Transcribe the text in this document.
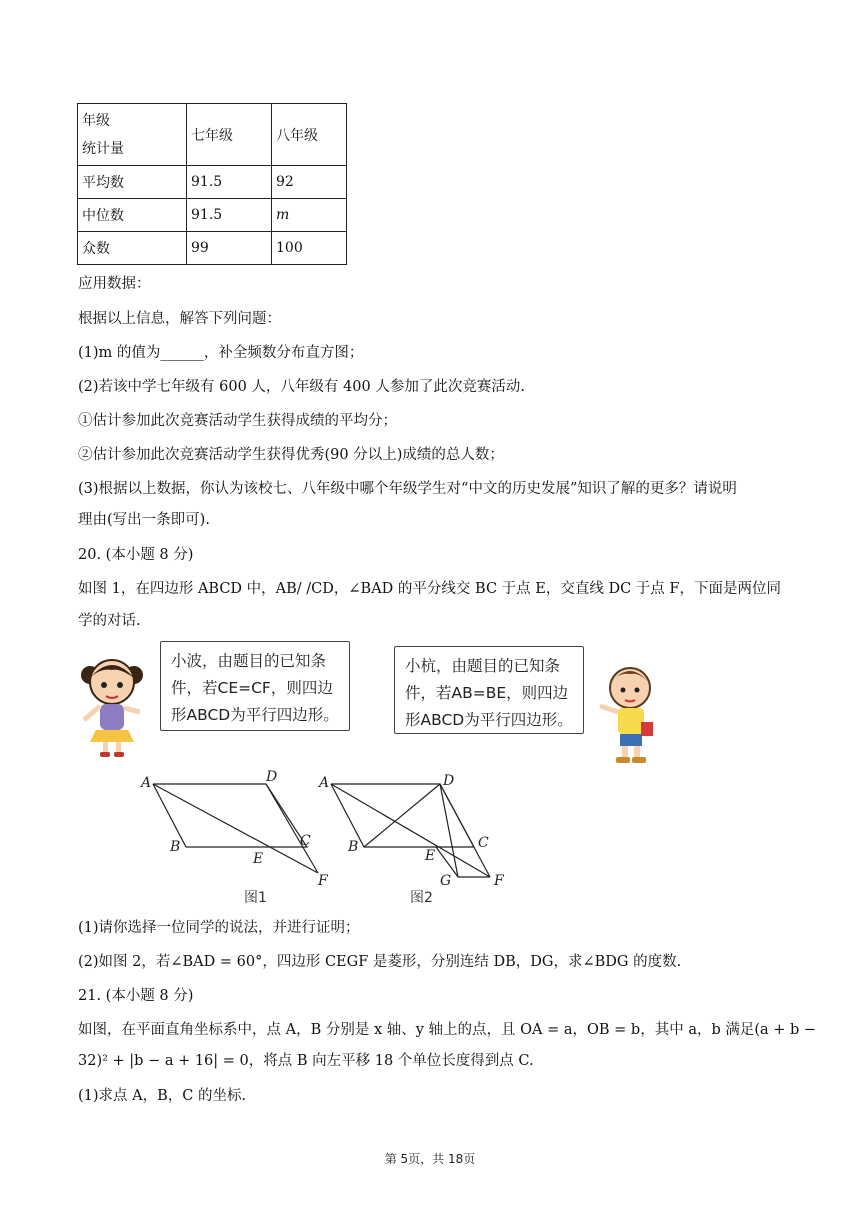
年级
统计量	七年级	八年级
平均数	91.5	92
中位数	91.5	m
众数	99	100
应用数据：
根据以上信息，解答下列问题：
(1)m 的值为______，补全频数分布直方图；
(2)若该中学七年级有 600 人，八年级有 400 人参加了此次竞赛活动.
①估计参加此次竞赛活动学生获得成绩的平均分；
②估计参加此次竞赛活动学生获得优秀(90 分以上)成绩的总人数；
(3)根据以上数据，你认为该校七、八年级中哪个年级学生对“中文的历史发展”知识了解的更多？请说明
理由(写出一条即可).
20. (本小题 8 分)
如图 1，在四边形 ABCD 中，AB/ /CD，∠BAD 的平分线交 BC 于点 E，交直线 DC 于点 F，下面是两位同
学的对话.
小波，由题目的已知条
件，若CE=CF，则四边
形ABCD为平行四边形。
小杭，由题目的已知条
件，若AB=BE，则四边
形ABCD为平行四边形。
A
B	C
D
E
F
图1
A
B	C
D
E
F
G
图2
(1)请你选择一位同学的说法，并进行证明；
(2)如图 2，若∠BAD = 60°，四边形 CEGF 是菱形，分别连结 DB，DG，求∠BDG 的度数.
21. (本小题 8 分)
如图，在平面直角坐标系中，点 A，B 分别是 x 轴、y 轴上的点，且 OA = a，OB = b，其中 a，b 满足(a + b −
32)² + |b − a + 16| = 0，将点 B 向左平移 18 个单位长度得到点 C.
(1)求点 A，B，C 的坐标.
第 5页，共 18页
